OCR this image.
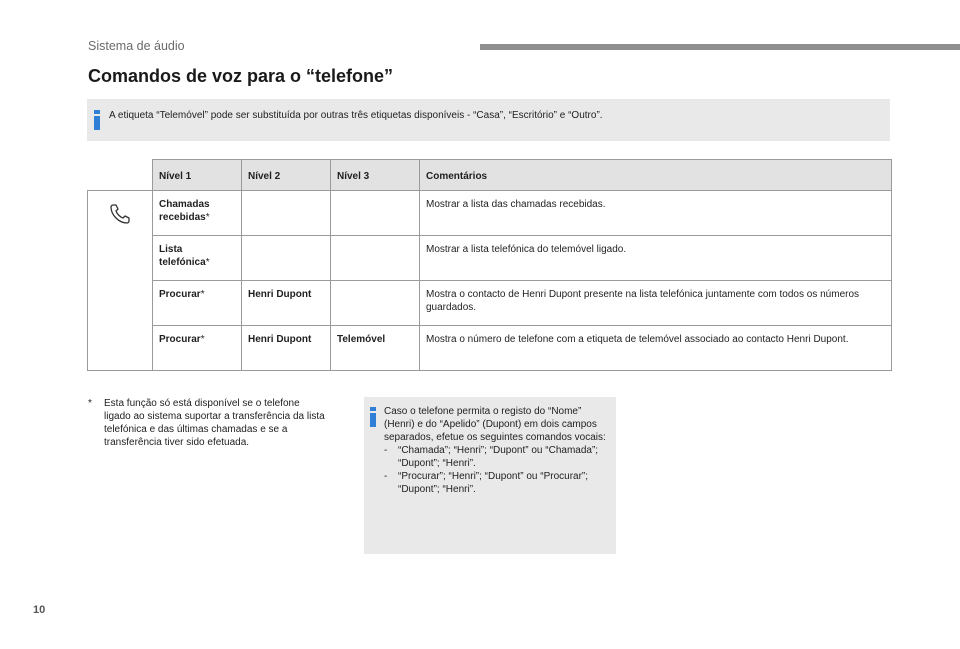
Sistema de áudio
Comandos de voz para o “telefone”
A etiqueta “Telemóvel” pode ser substituída por outras três etiquetas disponíveis - “Casa”, “Escritório” e “Outro”.
	Nível 1	Nível 2	Nível 3	Comentários

	Chamadas recebidas*			Mostrar a lista das chamadas recebidas.
	Lista telefónica*			Mostrar a lista telefónica do telemóvel ligado.
	Procurar*	Henri Dupont		Mostra o contacto de Henri Dupont presente na lista telefónica juntamente com todos os números guardados.
	Procurar*	Henri Dupont	Telemóvel	Mostra o número de telefone com a etiqueta de telemóvel associado ao contacto Henri Dupont.
* Esta função só está disponível se o telefone ligado ao sistema suportar a transferência da lista telefónica e das últimas chamadas e se a transferência tiver sido efetuada.
Caso o telefone permita o registo do “Nome” (Henri) e do “Apelido” (Dupont) em dois campos separados, efetue os seguintes comandos vocais:
- “Chamada”; “Henri”; “Dupont” ou “Chamada”; “Dupont”; “Henri”.
- “Procurar”; “Henri”; “Dupont” ou “Procurar”; “Dupont”; “Henri”.
10
